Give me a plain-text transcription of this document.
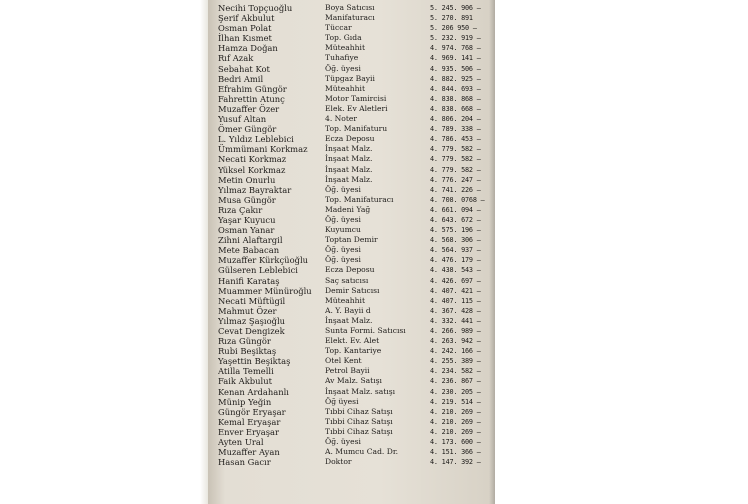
Necihi Topçuoğlu	Boya Satıcısı	5. 245. 906 —
Şerif Akbulut	Manifaturacı	5. 270. 891
Osman Polat	Tüccar	5. 206 950 —
İlhan Kısmet	Top. Gıda	5. 232. 919 —
Hamza Doğan	Müteahhit	4. 974. 768 —
Rıf Azak	Tuhafiye	4. 969. 141 —
Sebahat Kot	Öğ. üyesi	4. 935. 506 —
Bedri Amil	Tüpgaz Bayii	4. 882. 925 —
Efrahim Güngör	Müteahhit	4. 844. 693 —
Fahrettin Atunç	Motor Tamircisi	4. 838. 868 —
Muzaffer Özer	Elek. Ev Aletleri	4. 838. 668 —
Yusuf Altan	4. Noter	4. 806. 204 —
Ömer Güngör	Top. Manifaturu	4. 789. 338 —
L. Yıldız Leblebici	Ecza Deposu	4. 786. 453 —
Ümmümani Korkmaz	İnşaat Malz.	4. 779. 582 —
Necati Korkmaz	İnşaat Malz.	4. 779. 582 —
Yüksel Korkmaz	İnşaat Malz.	4. 779. 582 —
Metin Onurlu	İnşaat Malz.	4. 776. 247 —
Yılmaz Bayraktar	Öğ. üyesi	4. 741. 226 —
Musa Güngör	Top. Manifaturacı	4. 708. 0768 —
Rıza Çakır	Madeni Yağ	4. 661. 094 —
Yaşar Kuyucu	Öğ. üyesi	4. 643. 672 —
Osman Yanar	Kuyumcu	4. 575. 196 —
Zihni Alaftargil	Toptan Demir	4. 568. 306 —
Mete Babacan	Öğ. üyesi	4. 564. 937 —
Muzaffer Kürkçüoğlu	Öğ. üyesi	4. 476. 179 —
Gülseren Leblebici	Ecza Deposu	4. 438. 543 —
Hanifi Karataş	Saç satıcısı	4. 426. 697 —
Muammer Münüroğlu	Demir Satıcısı	4. 407. 421 —
Necati Müftügil	Müteahhit	4. 407. 115 —
Mahmut Özer	A. Y. Bayii d	4. 367. 428 —
Yılmaz Şaşıoğlu	İnşaat Malz.	4. 332. 441 —
Cevat Dengizek	Sunta Formi. Satıcısı	4. 266. 989 —
Rıza Güngör	Elekt. Ev. Alet	4. 263. 942 —
Rubi Beşiktaş	Top. Kantariye	4. 242. 166 —
Yaşettin Beşiktaş	Otel Kent	4. 255. 389 —
Atilla Temelli	Petrol Bayii	4. 234. 582 —
Faik Akbulut	Av Malz. Satışı	4. 236. 867 —
Kenan Ardahanlı	İnşaat Malz. satışı	4. 230. 205 —
Münip Yeğin	Öğ üyesi	4. 219. 514 —
Güngör Eryaşar	Tıbbi Cihaz Satışı	4. 210. 269 —
Kemal Eryaşar	Tıbbi Cihaz Satışı	4. 210. 269 —
Enver Eryaşar	Tıbbi Cihaz Satışı	4. 210. 269 —
Ayten Ural	Öğ. üyesi	4. 173. 600 —
Muzaffer Ayan	A. Mumcu Cad. Dr.	4. 151. 366 —
Hasan Gacır	Doktor	4. 147. 392 —
